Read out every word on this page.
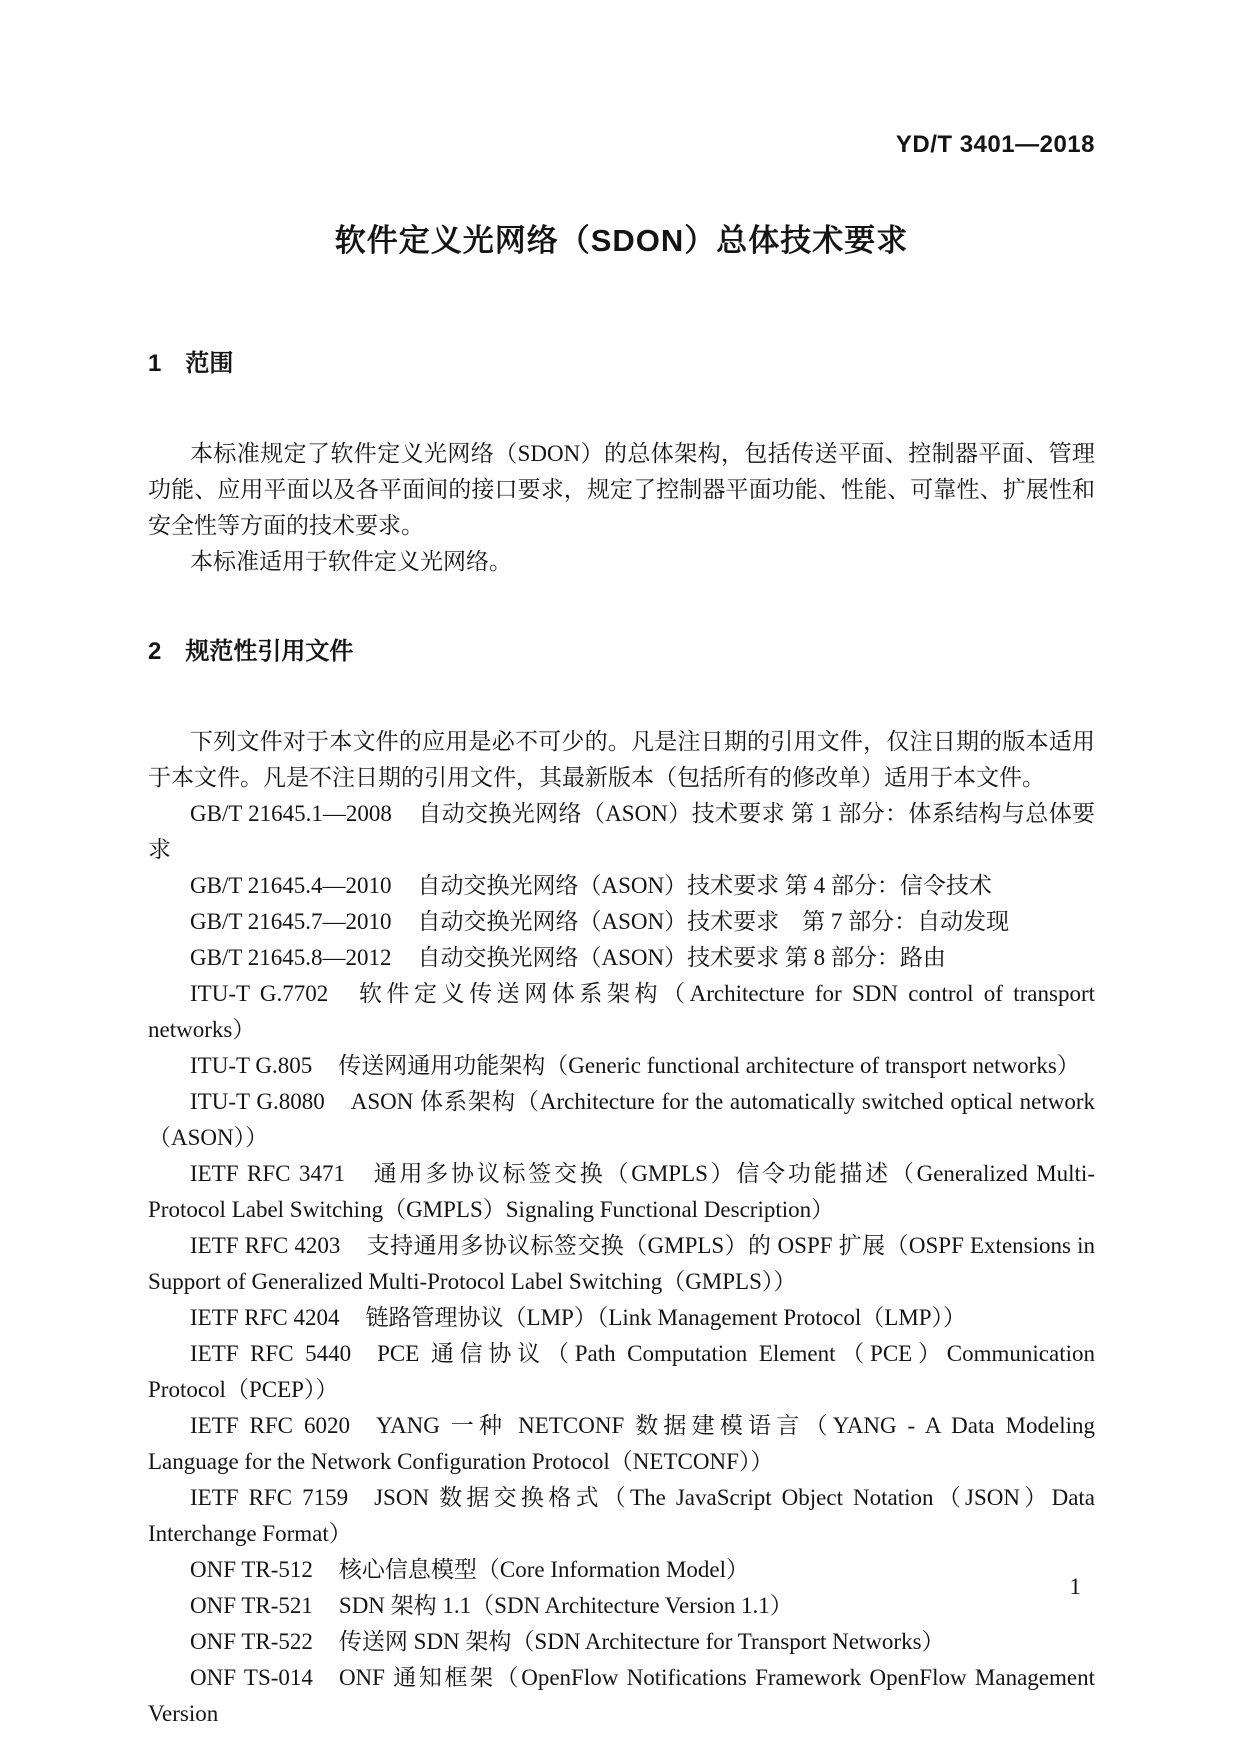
YD/T 3401—2018
软件定义光网络（SDON）总体技术要求
1 范围

本标准规定了软件定义光网络（SDON）的总体架构，包括传送平面、控制器平面、管理功能、应用平面以及各平面间的接口要求，规定了控制器平面功能、性能、可靠性、扩展性和安全性等方面的技术要求。

本标准适用于软件定义光网络。

2 规范性引用文件

下列文件对于本文件的应用是必不可少的。凡是注日期的引用文件，仅注日期的版本适用于本文件。凡是不注日期的引用文件，其最新版本（包括所有的修改单）适用于本文件。

GB/T 21645.1—2008 自动交换光网络（ASON）技术要求 第 1 部分：体系结构与总体要求

GB/T 21645.4—2010 自动交换光网络（ASON）技术要求 第 4 部分：信令技术

GB/T 21645.7—2010 自动交换光网络（ASON）技术要求　第 7 部分：自动发现

GB/T 21645.8—2012 自动交换光网络（ASON）技术要求 第 8 部分：路由

ITU-T G.7702 软件定义传送网体系架构（Architecture for SDN control of transport networks）

ITU-T G.805 传送网通用功能架构（Generic functional architecture of transport networks）

ITU-T G.8080 ASON 体系架构（Architecture for the automatically switched optical network（ASON））

IETF RFC 3471 通用多协议标签交换（GMPLS）信令功能描述（Generalized Multi-Protocol Label Switching（GMPLS）Signaling Functional Description）

IETF RFC 4203 支持通用多协议标签交换（GMPLS）的 OSPF 扩展（OSPF Extensions in Support of Generalized Multi-Protocol Label Switching（GMPLS））

IETF RFC 4204 链路管理协议（LMP）（Link Management Protocol（LMP））

IETF RFC 5440 PCE 通信协议（Path Computation Element（PCE）Communication Protocol（PCEP））

IETF RFC 6020 YANG 一种 NETCONF 数据建模语言（YANG - A Data Modeling Language for the Network Configuration Protocol（NETCONF））

IETF RFC 7159 JSON 数据交换格式（The JavaScript Object Notation（JSON）Data Interchange Format）

ONF TR-512 核心信息模型（Core Information Model）

ONF TR-521 SDN 架构 1.1（SDN Architecture Version 1.1）

ONF TR-522 传送网 SDN 架构（SDN Architecture for Transport Networks）

ONF TS-014 ONF 通知框架（OpenFlow Notifications Framework OpenFlow Management Version

1
